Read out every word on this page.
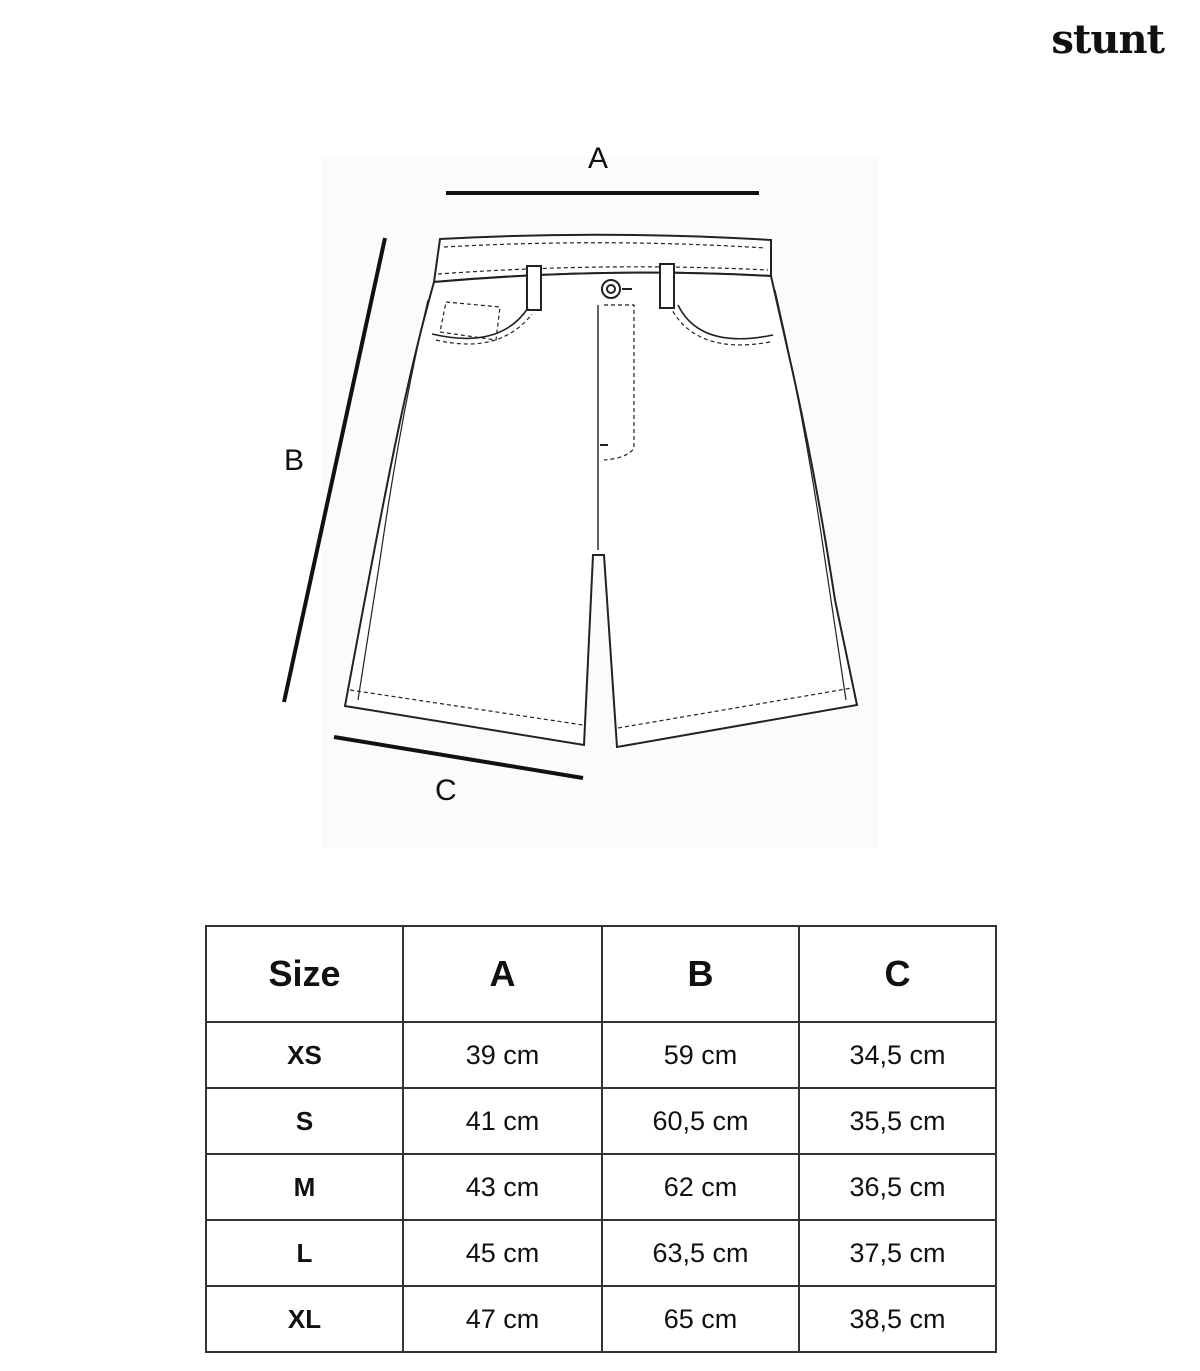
stunt
A
B
C
Size	A	B	C
XS	39 cm	59 cm	34,5 cm
S	41 cm	60,5 cm	35,5 cm
M	43 cm	62 cm	36,5 cm
L	45 cm	63,5 cm	37,5 cm
XL	47 cm	65 cm	38,5 cm
